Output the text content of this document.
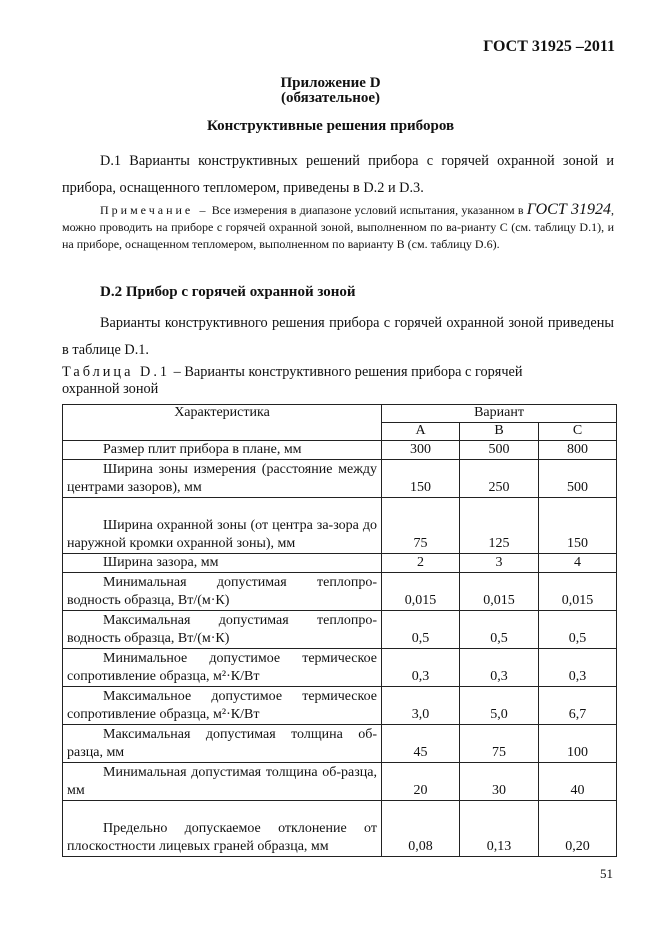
ГОСТ 31925 –2011
Приложение D
(обязательное)
Конструктивные решения приборов
D.1 Варианты конструктивных решений прибора с горячей охранной зоной и прибора, оснащенного тепломером, приведены в D.2 и D.3.
Примечание – Все измерения в диапазоне условий испытания, указанном в ГОСТ 31924, можно проводить на приборе с горячей охранной зоной, выполненном по ва-рианту С (см. таблицу D.1), и на приборе, оснащенном тепломером, выполненном по варианту В (см. таблицу D.6).
D.2 Прибор с горячей охранной зоной
Варианты конструктивного решения прибора с горячей охранной зоной приведены в таблице D.1.
Таблица D.1 – Варианты конструктивного решения прибора с горячей охранной зоной
Характеристика	Вариант		
	A	B	C
Размер плит прибора в плане, мм	300	500	800
Ширина зоны измерения (расстояние между центрами зазоров), мм	150	250	500
Ширина охранной зоны (от центра за-зора до наружной кромки охранной зоны), мм	75	125	150
Ширина зазора, мм	2	3	4
Минимальная допустимая теплопро-водность образца, Вт/(м·К)	0,015	0,015	0,015
Максимальная допустимая теплопро-водность образца, Вт/(м·К)	0,5	0,5	0,5
Минимальное допустимое термическое сопротивление образца, м²·К/Вт	0,3	0,3	0,3
Максимальное допустимое термическое сопротивление образца, м²·К/Вт	3,0	5,0	6,7
Максимальная допустимая толщина об-разца, мм	45	75	100
Минимальная допустимая толщина об-разца, мм	20	30	40
Предельно допускаемое отклонение от плоскостности лицевых граней образца, мм	0,08	0,13	0,20
51
